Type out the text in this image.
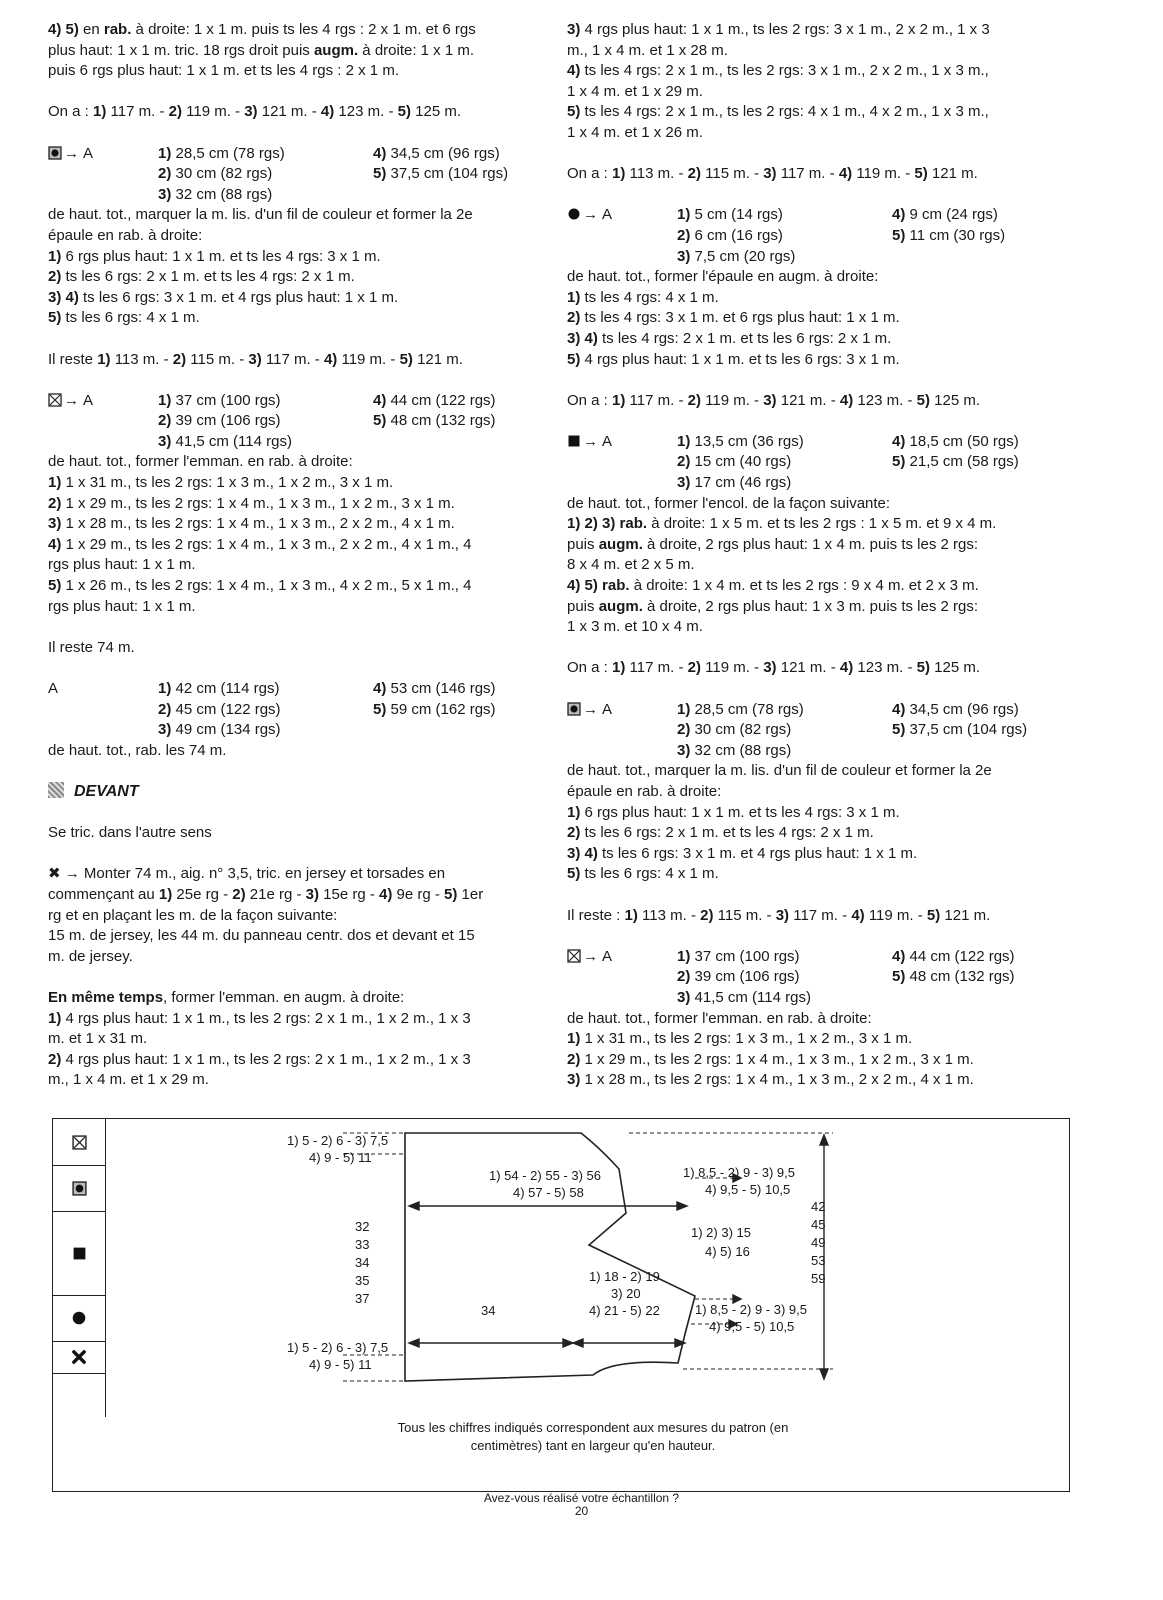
4) 5) en rab. à droite: 1 x 1 m. puis ts les 4 rgs : 2 x 1 m. et 6 rgs
plus haut: 1 x 1 m. tric. 18 rgs droit puis augm. à droite: 1 x 1 m.
puis 6 rgs plus haut: 1 x 1 m. et ts les 4 rgs : 2 x 1 m.
On a : 1) 117 m. - 2) 119 m. - 3) 121 m. - 4) 123 m. - 5) 125 m.
→ A	1) 28,5 cm (78 rgs)	4) 34,5 cm (96 rgs)
2) 30 cm (82 rgs)	5) 37,5 cm (104 rgs)
3) 32 cm (88 rgs)
de haut. tot., marquer la m. lis. d'un fil de couleur et former la 2e
épaule en rab. à droite:
1) 6 rgs plus haut: 1 x 1 m. et ts les 4 rgs: 3 x 1 m.
2) ts les 6 rgs: 2 x 1 m. et ts les 4 rgs: 2 x 1 m.
3) 4) ts les 6 rgs: 3 x 1 m. et 4 rgs plus haut: 1 x 1 m.
5) ts les 6 rgs: 4 x 1 m.
Il reste 1) 113 m. - 2) 115 m. - 3) 117 m. - 4) 119 m. - 5) 121 m.
→ A	1) 37 cm (100 rgs)	4) 44 cm (122 rgs)
2) 39 cm (106 rgs)	5) 48 cm (132 rgs)
3) 41,5 cm (114 rgs)
de haut. tot., former l'emman. en rab. à droite:
1) 1 x 31 m., ts les 2 rgs: 1 x 3 m., 1 x 2 m., 3 x 1 m.
2) 1 x 29 m., ts les 2 rgs: 1 x 4 m., 1 x 3 m., 1 x 2 m., 3 x 1 m.
3) 1 x 28 m., ts les 2 rgs: 1 x 4 m., 1 x 3 m., 2 x 2 m., 4 x 1 m.
4) 1 x 29 m., ts les 2 rgs: 1 x 4 m., 1 x 3 m., 2 x 2 m., 4 x 1 m., 4
rgs plus haut: 1 x 1 m.
5) 1 x 26 m., ts les 2 rgs: 1 x 4 m., 1 x 3 m., 4 x 2 m., 5 x 1 m., 4
rgs plus haut: 1 x 1 m.
Il reste 74 m.
A	1) 42 cm (114 rgs)	4) 53 cm (146 rgs)
2) 45 cm (122 rgs)	5) 59 cm (162 rgs)
3) 49 cm (134 rgs)
de haut. tot., rab. les 74 m.
DEVANT
Se tric. dans l'autre sens
✖ → Monter 74 m., aig. n° 3,5, tric. en jersey et torsades en
commençant au 1) 25e rg - 2) 21e rg - 3) 15e rg - 4) 9e rg - 5) 1er
rg et en plaçant les m. de la façon suivante:
15 m. de jersey, les 44 m. du panneau centr. dos et devant et 15
m. de jersey.
En même temps, former l'emman. en augm. à droite:
1) 4 rgs plus haut: 1 x 1 m., ts les 2 rgs: 2 x 1 m., 1 x 2 m., 1 x 3
m. et 1 x 31 m.
2) 4 rgs plus haut: 1 x 1 m., ts les 2 rgs: 2 x 1 m., 1 x 2 m., 1 x 3
m., 1 x 4 m. et 1 x 29 m.
3) 4 rgs plus haut: 1 x 1 m., ts les 2 rgs: 3 x 1 m., 2 x 2 m., 1 x 3
m., 1 x 4 m. et 1 x 28 m.
4) ts les 4 rgs: 2 x 1 m., ts les 2 rgs: 3 x 1 m., 2 x 2 m., 1 x 3 m.,
1 x 4 m. et 1 x 29 m.
5) ts les 4 rgs: 2 x 1 m., ts les 2 rgs: 4 x 1 m., 4 x 2 m., 1 x 3 m.,
1 x 4 m. et 1 x 26 m.
On a : 1) 113 m. - 2) 115 m. - 3) 117 m. - 4) 119 m. - 5) 121 m.
→ A	1) 5 cm (14 rgs)	4) 9 cm (24 rgs)
2) 6 cm (16 rgs)	5) 11 cm (30 rgs)
3) 7,5 cm (20 rgs)
de haut. tot., former l'épaule en augm. à droite:
1) ts les 4 rgs: 4 x 1 m.
2) ts les 4 rgs: 3 x 1 m. et 6 rgs plus haut: 1 x 1 m.
3) 4) ts les 4 rgs: 2 x 1 m. et ts les 6 rgs: 2 x 1 m.
5) 4 rgs plus haut: 1 x 1 m. et ts les 6 rgs: 3 x 1 m.
On a : 1) 117 m. - 2) 119 m. - 3) 121 m. - 4) 123 m. - 5) 125 m.
→ A	1) 13,5 cm (36 rgs)	4) 18,5 cm (50 rgs)
2) 15 cm (40 rgs)	5) 21,5 cm (58 rgs)
3) 17 cm (46 rgs)
de haut. tot., former l'encol. de la façon suivante:
1) 2) 3) rab. à droite: 1 x 5 m. et ts les 2 rgs : 1 x 5 m. et 9 x 4 m.
puis augm. à droite, 2 rgs plus haut: 1 x 4 m. puis ts les 2 rgs:
8 x 4 m. et 2 x 5 m.
4) 5) rab. à droite: 1 x 4 m. et ts les 2 rgs : 9 x 4 m. et 2 x 3 m.
puis augm. à droite, 2 rgs plus haut: 1 x 3 m. puis ts les 2 rgs:
1 x 3 m. et 10 x 4 m.
On a : 1) 117 m. - 2) 119 m. - 3) 121 m. - 4) 123 m. - 5) 125 m.
→ A	1) 28,5 cm (78 rgs)	4) 34,5 cm (96 rgs)
2) 30 cm (82 rgs)	5) 37,5 cm (104 rgs)
3) 32 cm (88 rgs)
de haut. tot., marquer la m. lis. d'un fil de couleur et former la 2e
épaule en rab. à droite:
1) 6 rgs plus haut: 1 x 1 m. et ts les 4 rgs: 3 x 1 m.
2) ts les 6 rgs: 2 x 1 m. et ts les 4 rgs: 2 x 1 m.
3) 4) ts les 6 rgs: 3 x 1 m. et 4 rgs plus haut: 1 x 1 m.
5) ts les 6 rgs: 4 x 1 m.
Il reste : 1) 113 m. - 2) 115 m. - 3) 117 m. - 4) 119 m. - 5) 121 m.
→ A	1) 37 cm (100 rgs)	4) 44 cm (122 rgs)
2) 39 cm (106 rgs)	5) 48 cm (132 rgs)
3) 41,5 cm (114 rgs)
de haut. tot., former l'emman. en rab. à droite:
1) 1 x 31 m., ts les 2 rgs: 1 x 3 m., 1 x 2 m., 3 x 1 m.
2) 1 x 29 m., ts les 2 rgs: 1 x 4 m., 1 x 3 m., 1 x 2 m., 3 x 1 m.
3) 1 x 28 m., ts les 2 rgs: 1 x 4 m., 1 x 3 m., 2 x 2 m., 4 x 1 m.
1) 5 - 2) 6 - 3) 7,5
4) 9 - 5) 11
1) 54 - 2) 55 - 3) 56
4) 57 - 5) 58
1) 8,5 - 2) 9 - 3) 9,5
4) 9,5 - 5) 10,5
1) 2) 3) 15
4) 5) 16
32
33
34
35
37
42
45
49
53
59
1) 18 - 2) 19
3) 20
4) 21 - 5) 22
34	1) 8,5 - 2) 9 - 3) 9,5
4) 9,5 - 5) 10,5
1) 5 - 2) 6 - 3) 7,5
4) 9 - 5) 11
Tous les chiffres indiqués correspondent aux mesures du patron (en
centimètres) tant en largeur qu'en hauteur.
Avez-vous réalisé votre échantillon ?
20
